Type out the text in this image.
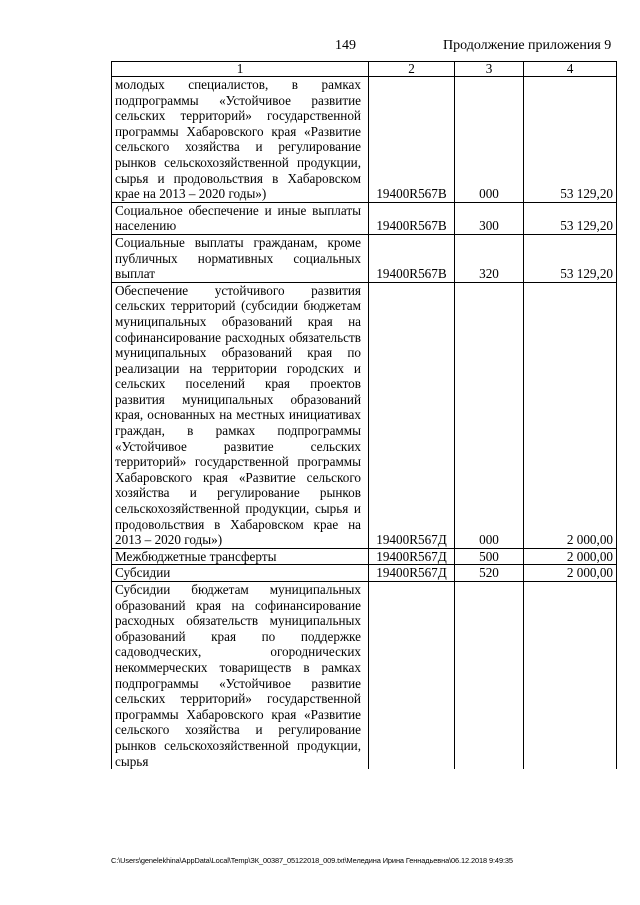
149	Продолжение приложения 9
1	2	3	4

молодых специалистов, в рамках подпрограммы «Устойчивое развитие сельских территорий» государственной программы Хабаровского края «Развитие сельского хозяйства и регулирование рынков сельскохозяйственной продукции, сырья и продовольствия в Хабаровском крае на 2013 – 2020 годы»)	19400R567В	000	53 129,20

Социальное обеспечение и иные выплаты населению	19400R567В	300	53 129,20

Социальные выплаты гражданам, кроме публичных нормативных социальных выплат	19400R567В	320	53 129,20

Обеспечение устойчивого развития сельских территорий (субсидии бюджетам муниципальных образований края на софинансирование расходных обязательств муниципальных образований края по реализации на территории городских и сельских поселений края проектов развития муниципальных образований края, основанных на местных инициативах граждан, в рамках подпрограммы «Устойчивое развитие сельских территорий» государственной программы Хабаровского края «Развитие сельского хозяйства и регулирование рынков сельскохозяйственной продукции, сырья и продовольствия в Хабаровском крае на 2013 – 2020 годы»)	19400R567Д	000	2 000,00

Межбюджетные трансферты	19400R567Д	500	2 000,00

Субсидии	19400R567Д	520	2 000,00

Субсидии бюджетам муниципальных образований края на софинансирование расходных обязательств муниципальных образований края по поддержке садоводческих, огороднических некоммерческих товариществ в рамках подпрограммы «Устойчивое развитие сельских территорий» государственной программы Хабаровского края «Развитие сельского хозяйства и регулирование рынков сельскохозяйственной продукции, сырья			

C:\Users\genelekhina\AppData\Local\Temp\ЗК_00387_05122018_009.txt\Меледина Ирина Геннадьевна\06.12.2018 9:49:35
